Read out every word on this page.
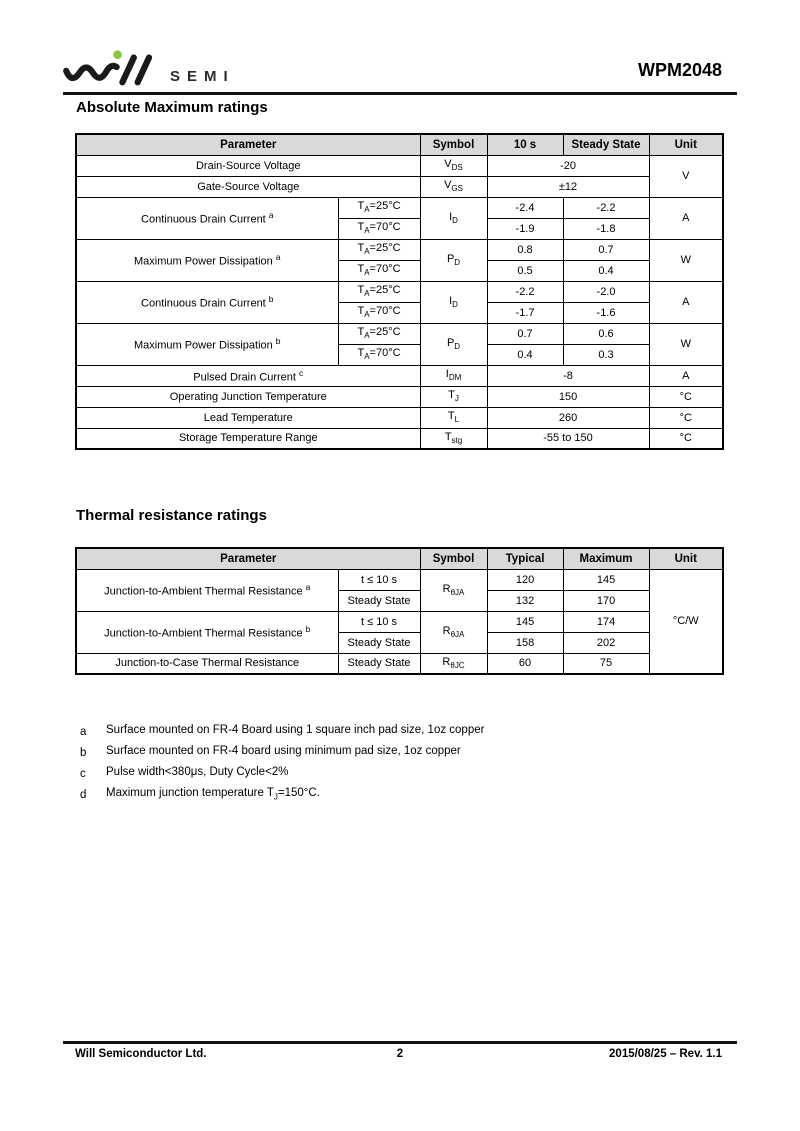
SEMI	WPM2048
Absolute Maximum ratings
Parameter		Symbol	10 s	Steady State	Unit
Drain-Source Voltage		$V_{DS}$	-20		V
Gate-Source Voltage		$V_{GS}$	±12		
Continuous Drain Current $^a$	$T_A=25^\circ C$	$I_D$	-2.4	-2.2	A
	$T_A=70^\circ C$		-1.9	-1.8	
Maximum Power Dissipation $^a$	$T_A=25^\circ C$	$P_D$	0.8	0.7	W
	$T_A=70^\circ C$		0.5	0.4	
Continuous Drain Current $^b$	$T_A=25^\circ C$	$I_D$	-2.2	-2.0	A
	$T_A=70^\circ C$		-1.7	-1.6	
Maximum Power Dissipation $^b$	$T_A=25^\circ C$	$P_D$	0.7	0.6	W
	$T_A=70^\circ C$		0.4	0.3	
Pulsed Drain Current $^c$		$I_{DM}$	-8		A
Operating Junction Temperature		$T_J$	150		°C
Lead Temperature		$T_L$	260		°C
Storage Temperature Range		$T_{stg}$	-55 to 150		°C
Thermal resistance ratings
Parameter		Symbol	Typical	Maximum	Unit
Junction-to-Ambient Thermal Resistance $^a$	t ≤ 10 s	$R_{\theta JA}$	120	145	°C/W
	Steady State		132	170	
Junction-to-Ambient Thermal Resistance $^b$	t ≤ 10 s	$R_{\theta JA}$	145	174	
	Steady State		158	202	
Junction-to-Case Thermal Resistance	Steady State	$R_{\theta JC}$	60	75	
a	Surface mounted on FR-4 Board using 1 square inch pad size, 1oz copper
b	Surface mounted on FR-4 board using minimum pad size, 1oz copper
c	Pulse width<380μs, Duty Cycle<2%
d	Maximum junction temperature $T_J=150^\circ C$.
Will Semiconductor Ltd.	2	2015/08/25 – Rev. 1.1
